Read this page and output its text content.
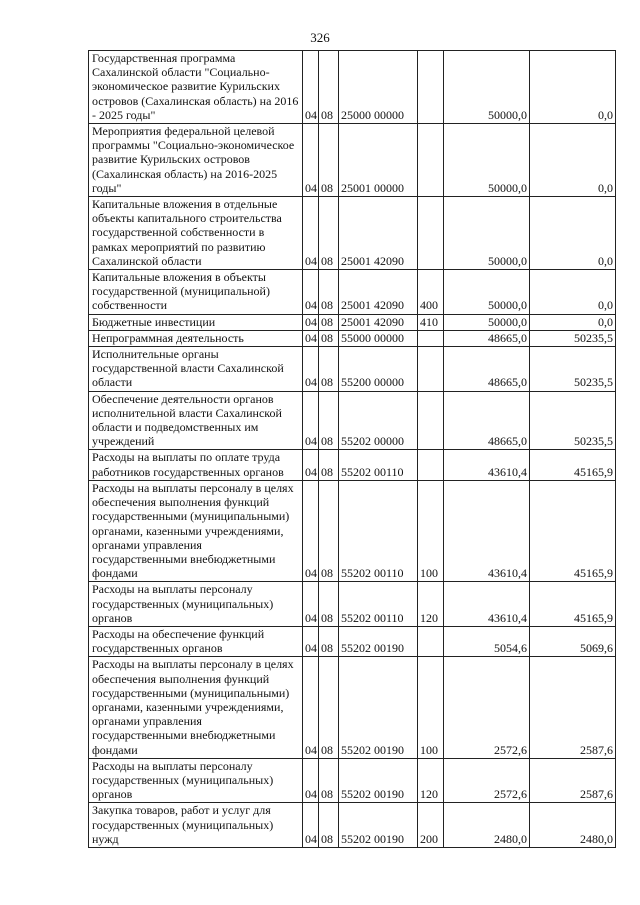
326
Государственная программа Сахалинской области "Социально-экономическое развитие Курильских островов (Сахалинская область) на 2016 - 2025 годы"	04	08	25000 00000		50000,0	0,0
Мероприятия федеральной целевой программы "Социально-экономическое развитие Курильских островов (Сахалинская область) на 2016-2025 годы"	04	08	25001 00000		50000,0	0,0
Капитальные вложения в отдельные объекты капитального строительства государственной собственности в рамках мероприятий по развитию Сахалинской области	04	08	25001 42090		50000,0	0,0
Капитальные вложения в объекты государственной (муниципальной) собственности	04	08	25001 42090	400	50000,0	0,0
Бюджетные инвестиции	04	08	25001 42090	410	50000,0	0,0
Непрограммная деятельность	04	08	55000 00000		48665,0	50235,5
Исполнительные органы государственной власти Сахалинской области	04	08	55200 00000		48665,0	50235,5
Обеспечение деятельности органов исполнительной власти Сахалинской области и подведомственных им учреждений	04	08	55202 00000		48665,0	50235,5
Расходы на выплаты по оплате труда работников государственных органов	04	08	55202 00110		43610,4	45165,9
Расходы на выплаты персоналу в целях обеспечения выполнения функций государственными (муниципальными) органами, казенными учреждениями, органами управления государственными внебюджетными фондами	04	08	55202 00110	100	43610,4	45165,9
Расходы на выплаты персоналу государственных (муниципальных) органов	04	08	55202 00110	120	43610,4	45165,9
Расходы на обеспечение функций государственных органов	04	08	55202 00190		5054,6	5069,6
Расходы на выплаты персоналу в целях обеспечения выполнения функций государственными (муниципальными) органами, казенными учреждениями, органами управления государственными внебюджетными фондами	04	08	55202 00190	100	2572,6	2587,6
Расходы на выплаты персоналу государственных (муниципальных) органов	04	08	55202 00190	120	2572,6	2587,6
Закупка товаров, работ и услуг для государственных (муниципальных) нужд	04	08	55202 00190	200	2480,0	2480,0
